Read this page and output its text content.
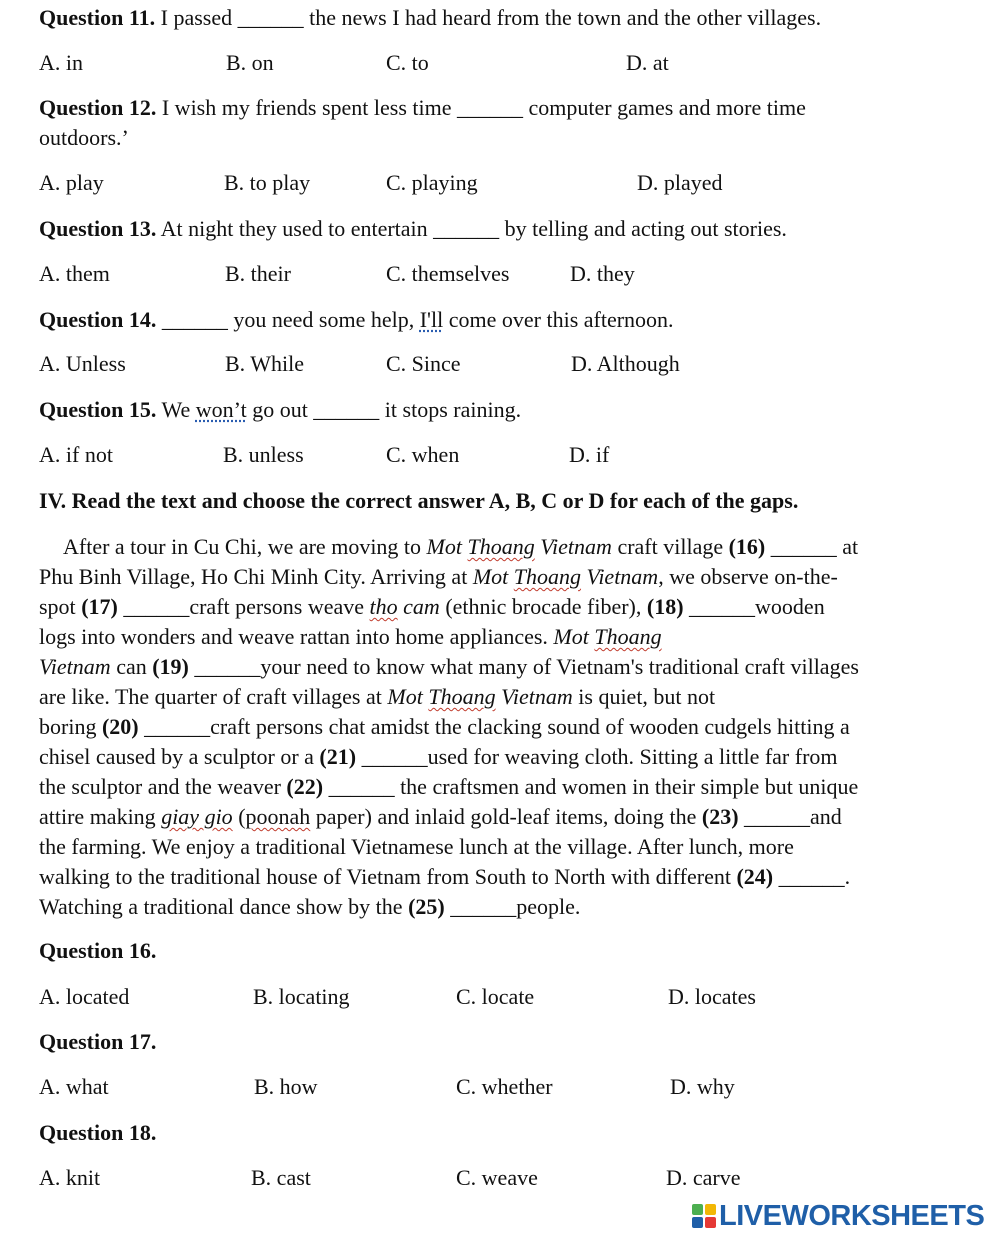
Question 11. I passed ______ the news I had heard from the town and the other villages.
A. in	B. on	C. to	D. at
Question 12. I wish my friends spent less time ______ computer games and more time
outdoors.’
A. play	B. to play	C. playing	D. played
Question 13. At night they used to entertain ______ by telling and acting out stories.
A. them	B. their	C. themselves	D. they
Question 14. ______ you need some help, I'll come over this afternoon.
A. Unless	B. While	C. Since	D. Although
Question 15. We won’t go out ______ it stops raining.
A. if not	B. unless	C. when	D. if
IV. Read the text and choose the correct answer A, B, C or D for each of the gaps.
After a tour in Cu Chi, we are moving to Mot Thoang Vietnam craft village (16) ______ at
Phu Binh Village, Ho Chi Minh City. Arriving at Mot Thoang Vietnam, we observe on-the-
spot (17) ______craft persons weave tho cam (ethnic brocade fiber), (18) ______wooden
logs into wonders and weave rattan into home appliances. Mot Thoang
Vietnam can (19) ______your need to know what many of Vietnam's traditional craft villages
are like. The quarter of craft villages at Mot Thoang Vietnam is quiet, but not
boring (20) ______craft persons chat amidst the clacking sound of wooden cudgels hitting a
chisel caused by a sculptor or a (21) ______used for weaving cloth. Sitting a little far from
the sculptor and the weaver (22) ______ the craftsmen and women in their simple but unique
attire making giay gio (poonah paper) and inlaid gold-leaf items, doing the (23) ______and
the farming. We enjoy a traditional Vietnamese lunch at the village. After lunch, more
walking to the traditional house of Vietnam from South to North with different (24) ______.
Watching a traditional dance show by the (25) ______people.
Question 16.
A. located	B. locating	C. locate	D. locates
Question 17.
A. what	B. how	C. whether	D. why
Question 18.
A. knit	B. cast	C. weave	D. carve
LIVEWORKSHEETS
